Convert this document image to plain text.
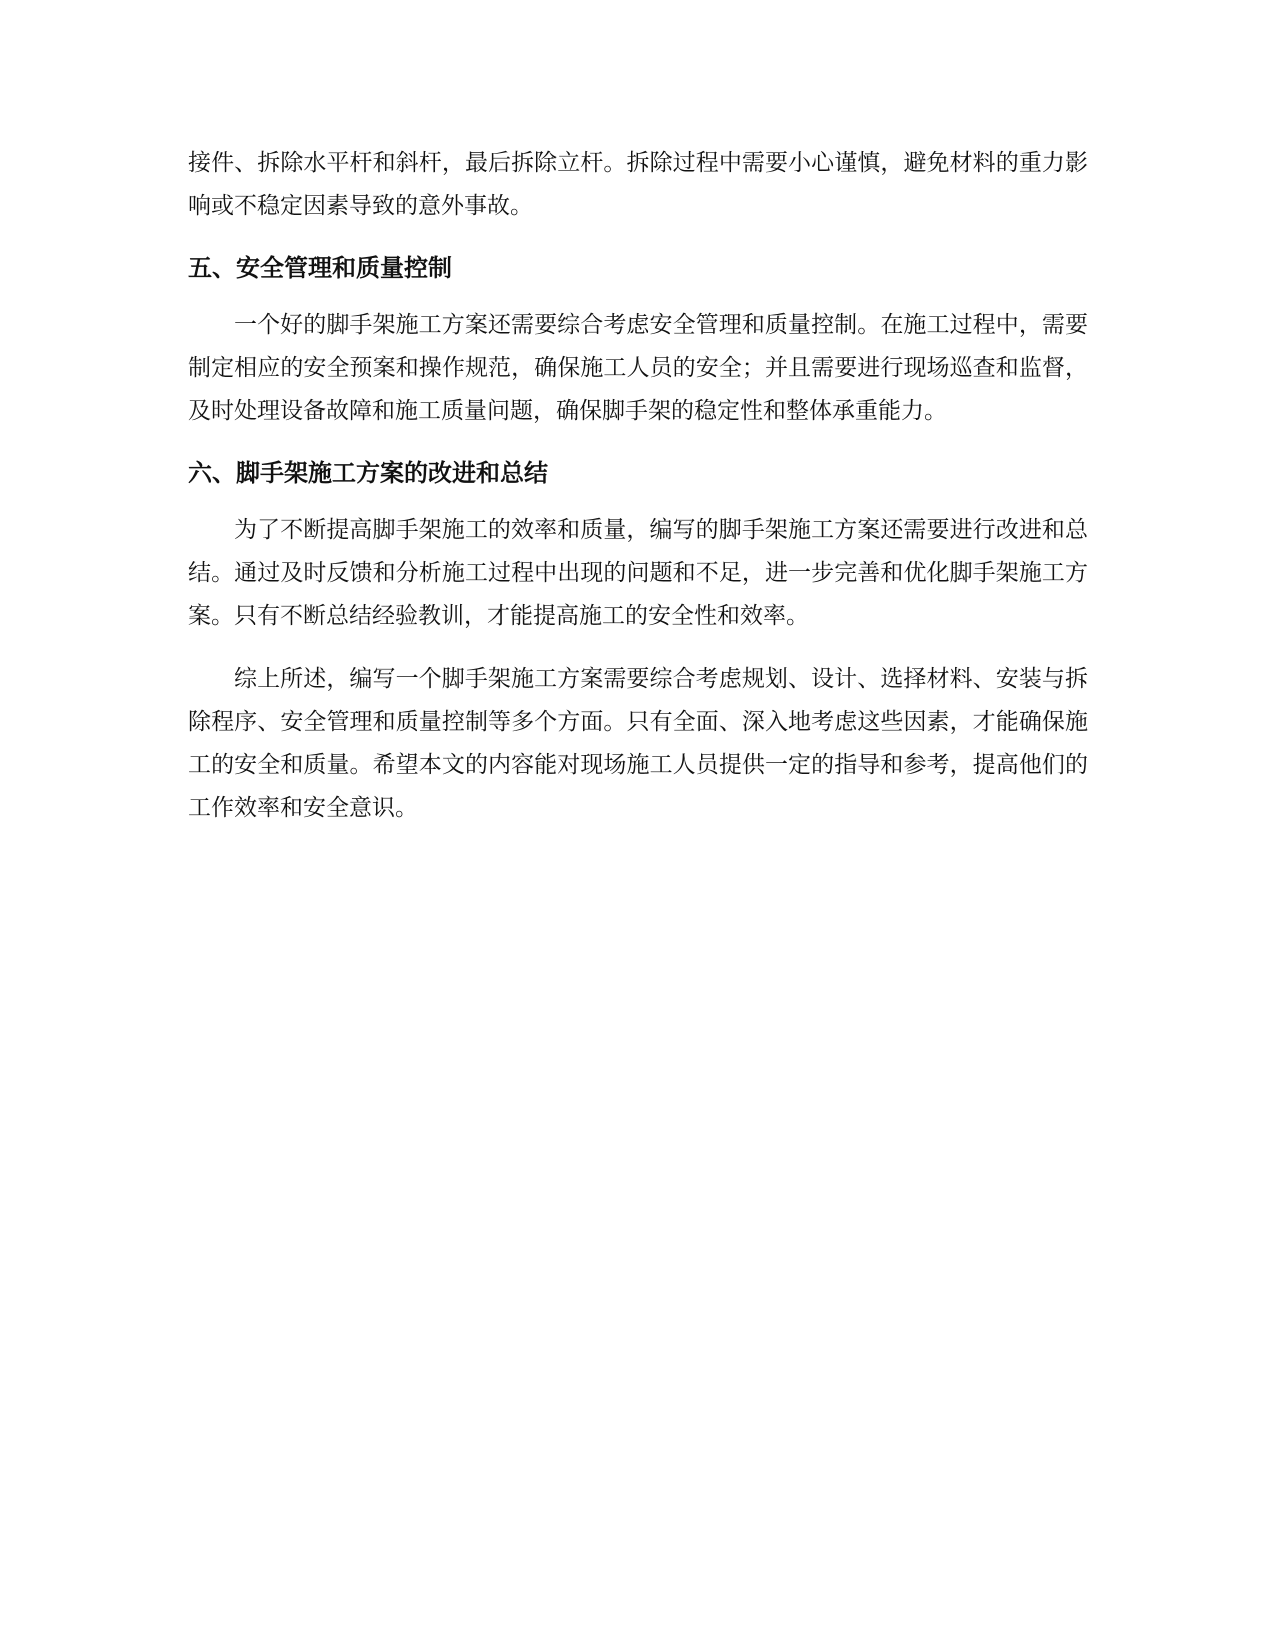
接件、拆除水平杆和斜杆，最后拆除立杆。拆除过程中需要小心谨慎，避免材料的重力影响或不稳定因素导致的意外事故。

五、安全管理和质量控制

一个好的脚手架施工方案还需要综合考虑安全管理和质量控制。在施工过程中，需要制定相应的安全预案和操作规范，确保施工人员的安全；并且需要进行现场巡查和监督，及时处理设备故障和施工质量问题，确保脚手架的稳定性和整体承重能力。

六、脚手架施工方案的改进和总结

为了不断提高脚手架施工的效率和质量，编写的脚手架施工方案还需要进行改进和总结。通过及时反馈和分析施工过程中出现的问题和不足，进一步完善和优化脚手架施工方案。只有不断总结经验教训，才能提高施工的安全性和效率。

综上所述，编写一个脚手架施工方案需要综合考虑规划、设计、选择材料、安装与拆除程序、安全管理和质量控制等多个方面。只有全面、深入地考虑这些因素，才能确保施工的安全和质量。希望本文的内容能对现场施工人员提供一定的指导和参考，提高他们的工作效率和安全意识。
